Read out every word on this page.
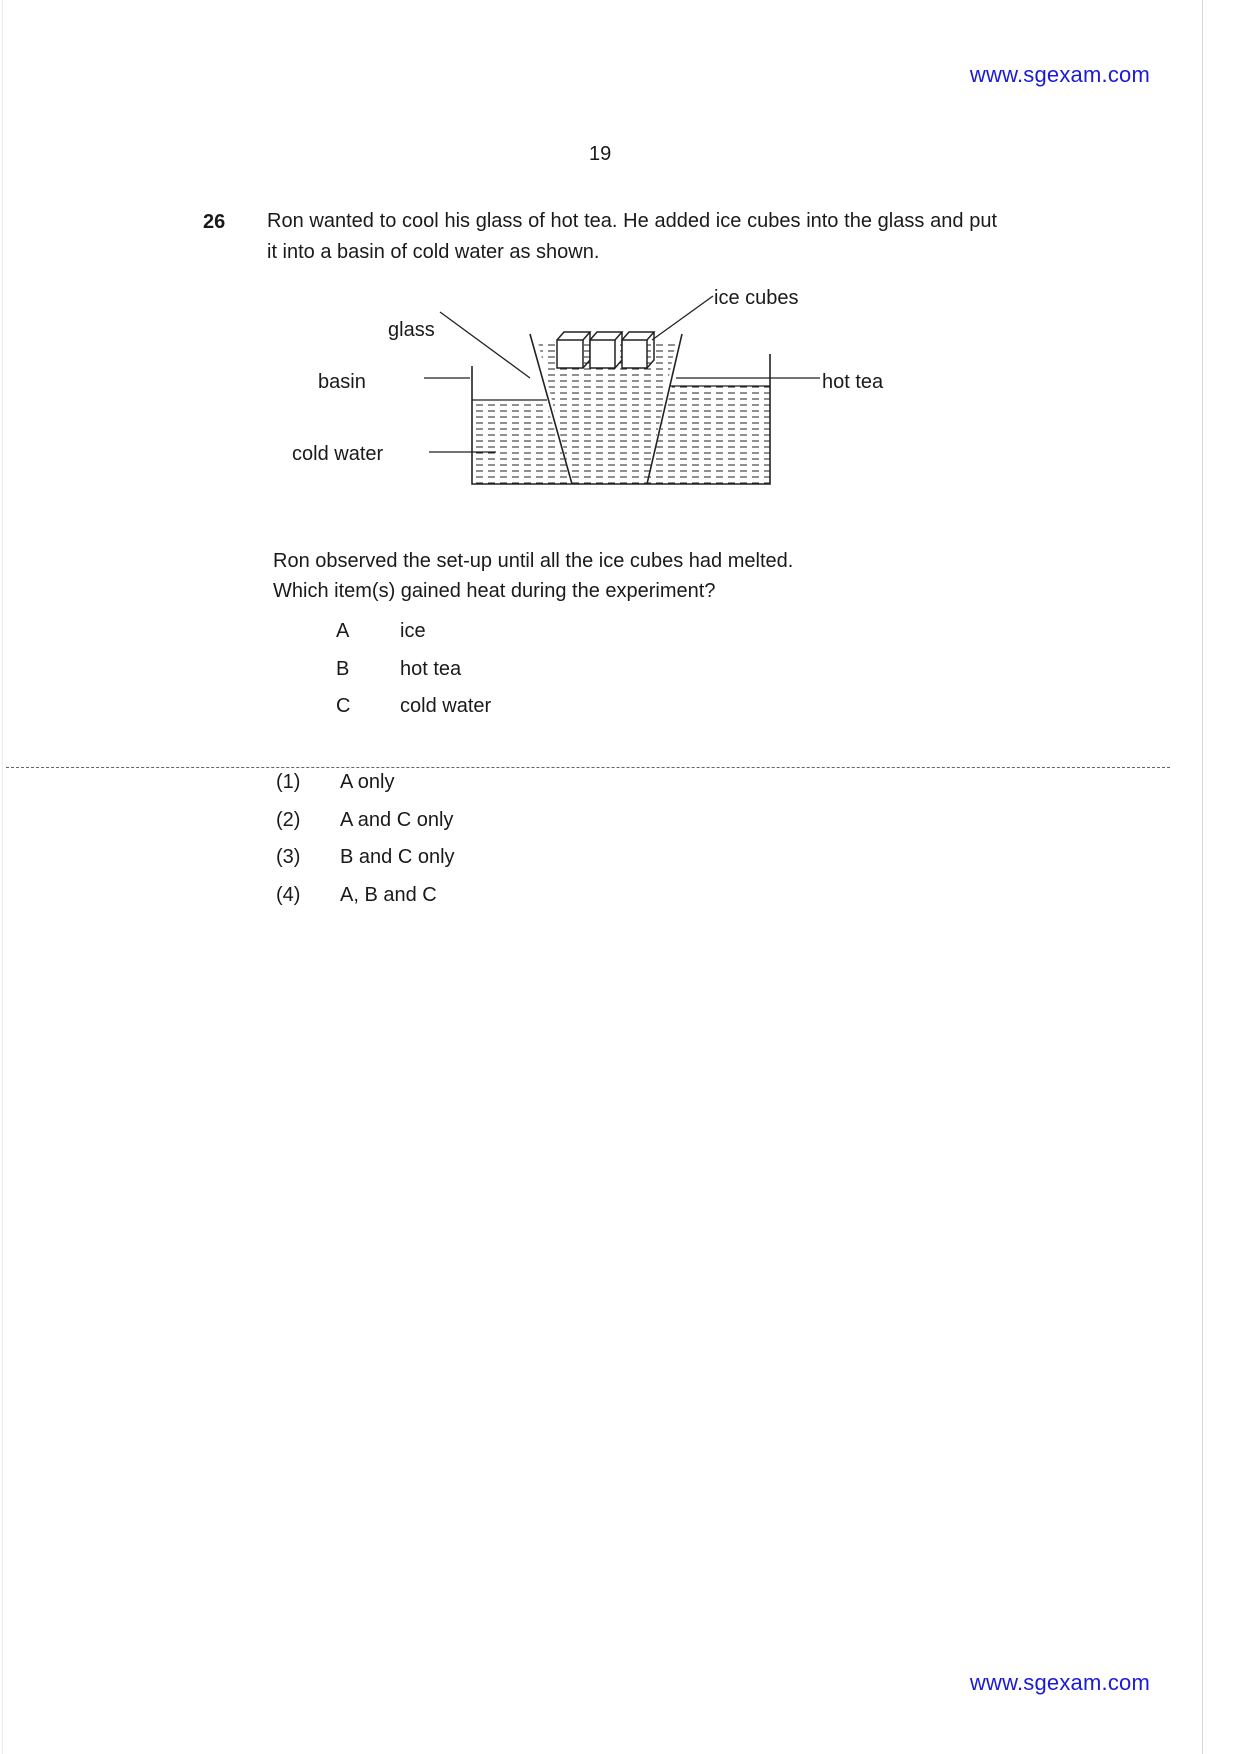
www.sgexam.com
19
26 Ron wanted to cool his glass of hot tea. He added ice cubes into the glass and put it into a basin of cold water as shown.
ice cubes
glass
basin	hot tea
cold water
Ron observed the set-up until all the ice cubes had melted.
Which item(s) gained heat during the experiment?
A	ice
B	hot tea
C	cold water
(1)	A only
(2)	A and C only
(3)	B and C only
(4)	A, B and C
www.sgexam.com
